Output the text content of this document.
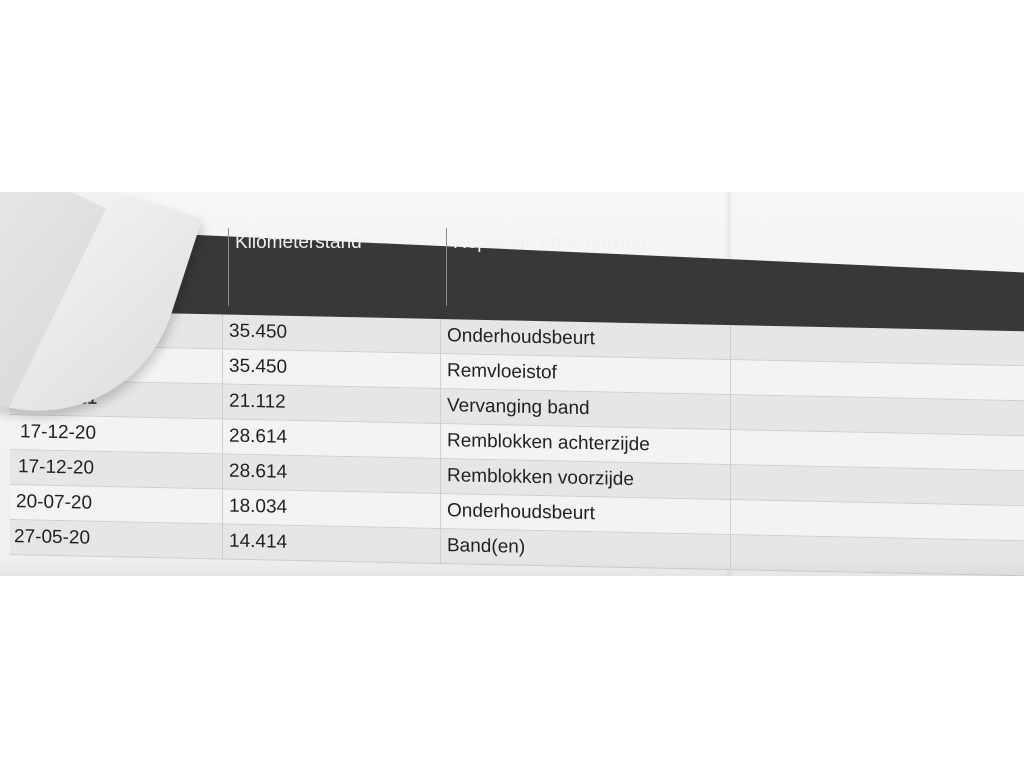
Kilometerstand	Reparatie omschrijving
35.450	Onderhoudsbeurt
35.450	Remvloeistof
21.112	Vervanging band
17-12-20	28.614	Remblokken achterzijde
17-12-20	28.614	Remblokken voorzijde
20-07-20	18.034	Onderhoudsbeurt
27-05-20	14.414	Band(en)
